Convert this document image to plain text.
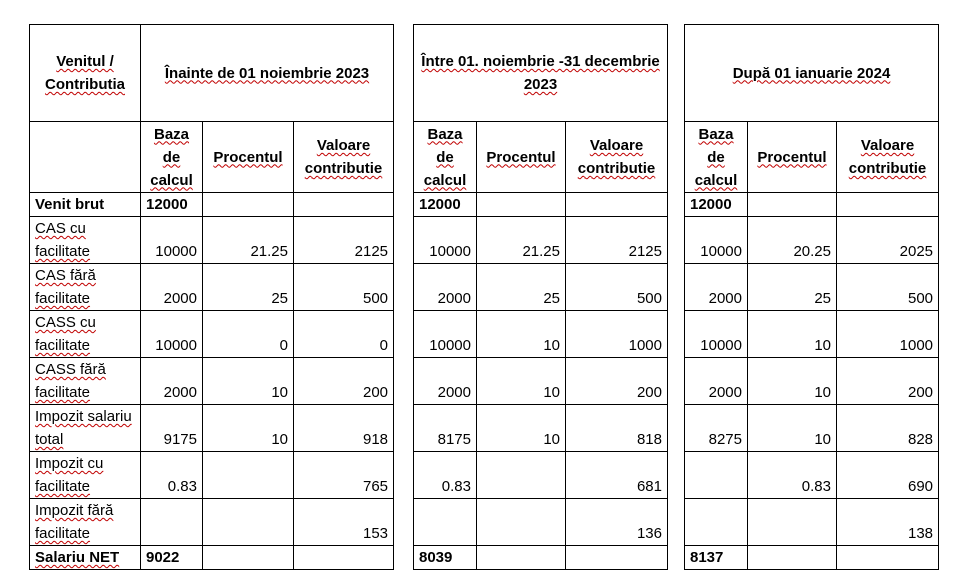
Venitul / Contributia	Înainte de 01 noiembrie 2023		
	Baza de calcul	Procentul	Valoare contributie
Venit brut	12000		
CAS cu facilitate	10000	21.25	2125
CAS fără facilitate	2000	25	500
CASS cu facilitate	10000	0	0
CASS fără facilitate	2000	10	200
Impozit salariu total	9175	10	918
Impozit cu facilitate	0.83		765
Impozit fără facilitate			153
Salariu NET	9022		
Între 01. noiembrie -31 decembrie 2023		
Baza de calcul	Procentul	Valoare contributie
12000		
10000	21.25	2125
2000	25	500
10000	10	1000
2000	10	200
8175	10	818
0.83		681
		136
8039		
După 01 ianuarie 2024		
Baza de calcul	Procentul	Valoare contributie
12000		
10000	20.25	2025
2000	25	500
10000	10	1000
2000	10	200
8275	10	828
	0.83	690
		138
8137		
